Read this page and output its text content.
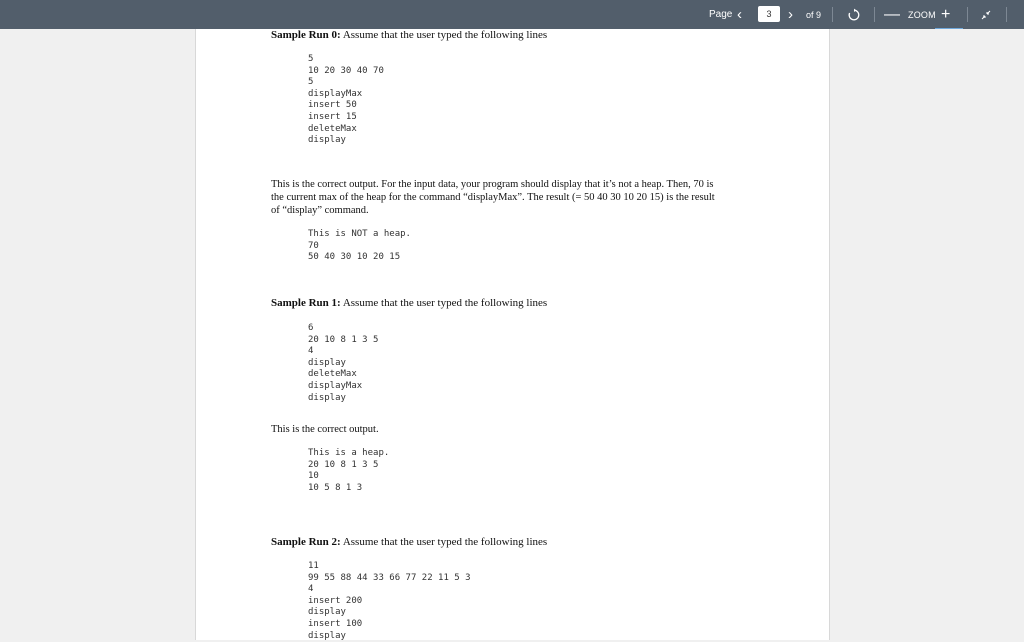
Page ‹	3	› of 9	— ZOOM +
Sample Run 0: Assume that the user typed the following lines
5
10 20 30 40 70
5
displayMax
insert 50
insert 15
deleteMax
display
This is the correct output. For the input data, your program should display that it’s not a heap. Then, 70 is
the current max of the heap for the command “displayMax”. The result (= 50 40 30 10 20 15) is the result
of “display” command.
This is NOT a heap.
70
50 40 30 10 20 15
Sample Run 1: Assume that the user typed the following lines
6
20 10 8 1 3 5
4
display
deleteMax
displayMax
display
This is the correct output.
This is a heap.
20 10 8 1 3 5
10
10 5 8 1 3
Sample Run 2: Assume that the user typed the following lines
11
99 55 88 44 33 66 77 22 11 5 3
4
insert 200
display
insert 100
display
